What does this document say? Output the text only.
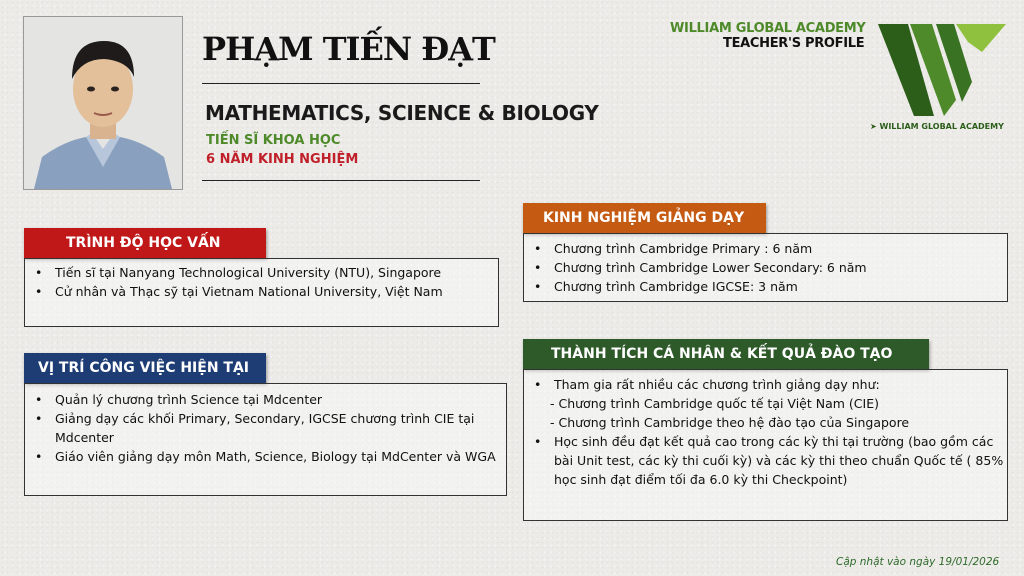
PHẠM TIẾN ĐẠT
MATHEMATICS, SCIENCE & BIOLOGY
TIẾN SĨ KHOA HỌC
6 NĂM KINH NGHIỆM
WILLIAM GLOBAL ACADEMY
TEACHER'S PROFILE
➤ WILLIAM GLOBAL ACADEMY
TRÌNH ĐỘ HỌC VẤN
• Tiến sĩ tại Nanyang Technological University (NTU), Singapore
• Cử nhân và Thạc sỹ tại Vietnam National University, Việt Nam
VỊ TRÍ CÔNG VIỆC HIỆN TẠI
• Quản lý chương trình Science tại Mdcenter
• Giảng dạy các khối Primary, Secondary, IGCSE chương trình CIE tại Mdcenter
• Giáo viên giảng dạy môn Math, Science, Biology tại MdCenter và WGA
KINH NGHIỆM GIẢNG DẠY
• Chương trình Cambridge Primary : 6 năm
• Chương trình Cambridge Lower Secondary: 6 năm
• Chương trình Cambridge IGCSE: 3 năm
THÀNH TÍCH CÁ NHÂN & KẾT QUẢ ĐÀO TẠO
• Tham gia rất nhiều các chương trình giảng dạy như:
- Chương trình Cambridge quốc tế tại Việt Nam (CIE)
- Chương trình Cambridge theo hệ đào tạo của Singapore
• Học sinh đều đạt kết quả cao trong các kỳ thi tại trường (bao gồm các bài Unit test, các kỳ thi cuối kỳ) và các kỳ thi theo chuẩn Quốc tế ( 85% học sinh đạt điểm tối đa 6.0 kỳ thi Checkpoint)
Cập nhật vào ngày 19/01/2026
